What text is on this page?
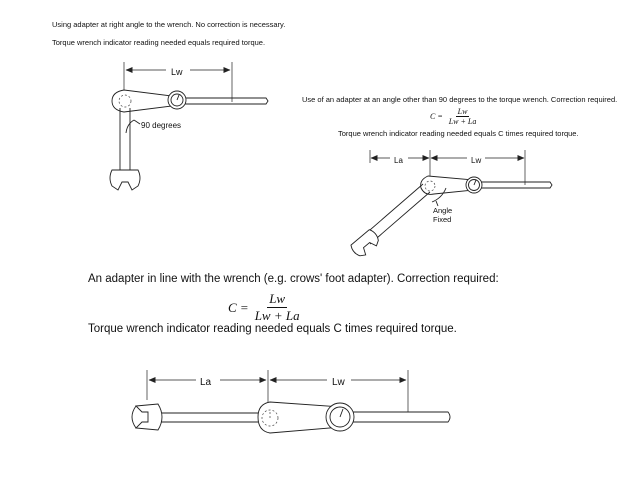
Using adapter at right angle to the wrench. No correction is necessary.
Torque wrench indicator reading needed equals required torque.
Use of an adapter at an angle other than 90 degrees to the torque wrench. Correction required.
$C = \frac{Lw}{Lw + La}$
Torque wrench indicator reading needed equals C times required torque.
An adapter in line with the wrench (e.g. crows' foot adapter). Correction required:
$C = \frac{Lw}{Lw + La}$
Torque wrench indicator reading needed equals C times required torque.
Lw
90 degrees
La	Lw
Angle
Fixed
La	Lw
